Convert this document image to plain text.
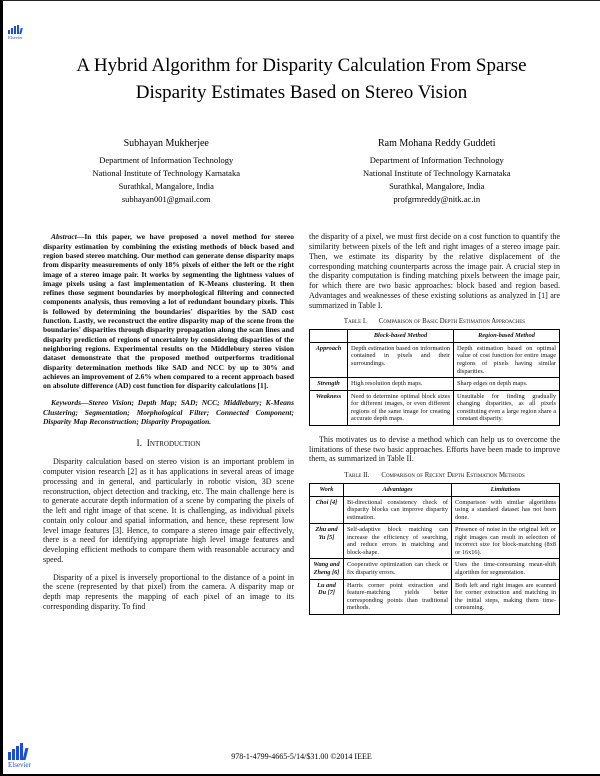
Elsevier
A Hybrid Algorithm for Disparity Calculation From Sparse Disparity Estimates Based on Stereo Vision
Subhayan Mukherjee
Department of Information Technology
National Institute of Technology Karnataka
Surathkal, Mangalore, India
subhayan001@gmail.com
Ram Mohana Reddy Guddeti
Department of Information Technology
National Institute of Technology Karnataka
Surathkal, Mangalore, India
profgrmreddy@nitk.ac.in

Abstract—In this paper, we have proposed a novel method for stereo disparity estimation by combining the existing methods of block based and region based stereo matching. Our method can generate dense disparity maps from disparity measurements of only 18% pixels of either the left or the right image of a stereo image pair. It works by segmenting the lightness values of image pixels using a fast implementation of K-Means clustering. It then refines those segment boundaries by morphological filtering and connected components analysis, thus removing a lot of redundant boundary pixels. This is followed by determining the boundaries' disparities by the SAD cost function. Lastly, we reconstruct the entire disparity map of the scene from the boundaries' disparities through disparity propagation along the scan lines and disparity prediction of regions of uncertainty by considering disparities of the neighboring regions. Experimental results on the Middlebury stereo vision dataset demonstrate that the proposed method outperforms traditional disparity determination methods like SAD and NCC by up to 30% and achieves an improvement of 2.6% when compared to a recent approach based on absolute difference (AD) cost function for disparity calculations [1].

Keywords—Stereo Vision; Depth Map; SAD; NCC; Middlebury; K-Means Clustering; Segmentation; Morphological Filter; Connected Component; Disparity Map Reconstruction; Disparity Propagation.

I.  Introduction

Disparity calculation based on stereo vision is an important problem in computer vision research [2] as it has applications in several areas of image processing and in general, and particularly in robotic vision, 3D scene reconstruction, object detection and tracking, etc. The main challenge here is to generate accurate depth information of a scene by comparing the pixels of the left and right image of that scene. It is challenging, as individual pixels contain only colour and spatial information, and hence, these represent low level image features [3]. Hence, to compare a stereo image pair effectively, there is a need for identifying appropriate high level image features and developing efficient methods to compare them with reasonable accuracy and speed.

Disparity of a pixel is inversely proportional to the distance of a point in the scene (represented by that pixel) from the camera. A disparity map or depth map represents the mapping of each pixel of an image to its corresponding disparity. To find

the disparity of a pixel, we must first decide on a cost function to quantify the similarity between pixels of the left and right images of a stereo image pair. Then, we estimate its disparity by the relative displacement of the corresponding matching counterparts across the image pair. A crucial step in the disparity computation is finding matching pixels between the image pair, for which there are two basic approaches: block based and region based. Advantages and weaknesses of these existing solutions as analyzed in [1] are summarized in Table I.

Table I. Comparison of Basic Depth Estimation Approaches
	Block-based Method	Region-based Method
Approach	Depth estimation based on information contained in pixels and their surroundings.	Depth estimation based on optimal value of cost function for entire image regions of pixels having similar disparities.
Strength	High resolution depth maps.	Sharp edges on depth maps.
Weakness	Need to determine optimal block sizes for different images, or even different regions of the same image for creating accurate depth maps.	Unsuitable for finding gradually changing disparities, as all pixels constituting even a large region share a constant disparity.

This motivates us to devise a method which can help us to overcome the limitations of these two basic approaches. Efforts have been made to improve them, as summarized in Table II.

Table II. Comparison of Recent Depth Estimation Methods
Work	Advantages	Limitations
Choi [4]	Bi-directional consistency check of disparity blocks can improve disparity estimation.	Comparison with similar algorithms using a standard dataset has not been done.
Zhu and Yu [5]	Self-adaptive block matching can increase the efficiency of searching, and reduce errors in matching and block-shape.	Presence of noise in the original left or right images can result in selection of incorrect size for block-matching (8x8 or 16x16).
Wang and Zheng [6]	Cooperative optimization can check or fix disparity errors.	Uses the time-consuming mean-shift algorithm for segmentation.
Lu and Du [7]	Harris corner point extraction and feature-matching yields better corresponding points than traditional methods.	Both left and right images are scanned for corner extraction and matching in the initial steps, making them time-consuming.
978-1-4799-4665-5/14/$31.00 ©2014 IEEE
Elsevier
